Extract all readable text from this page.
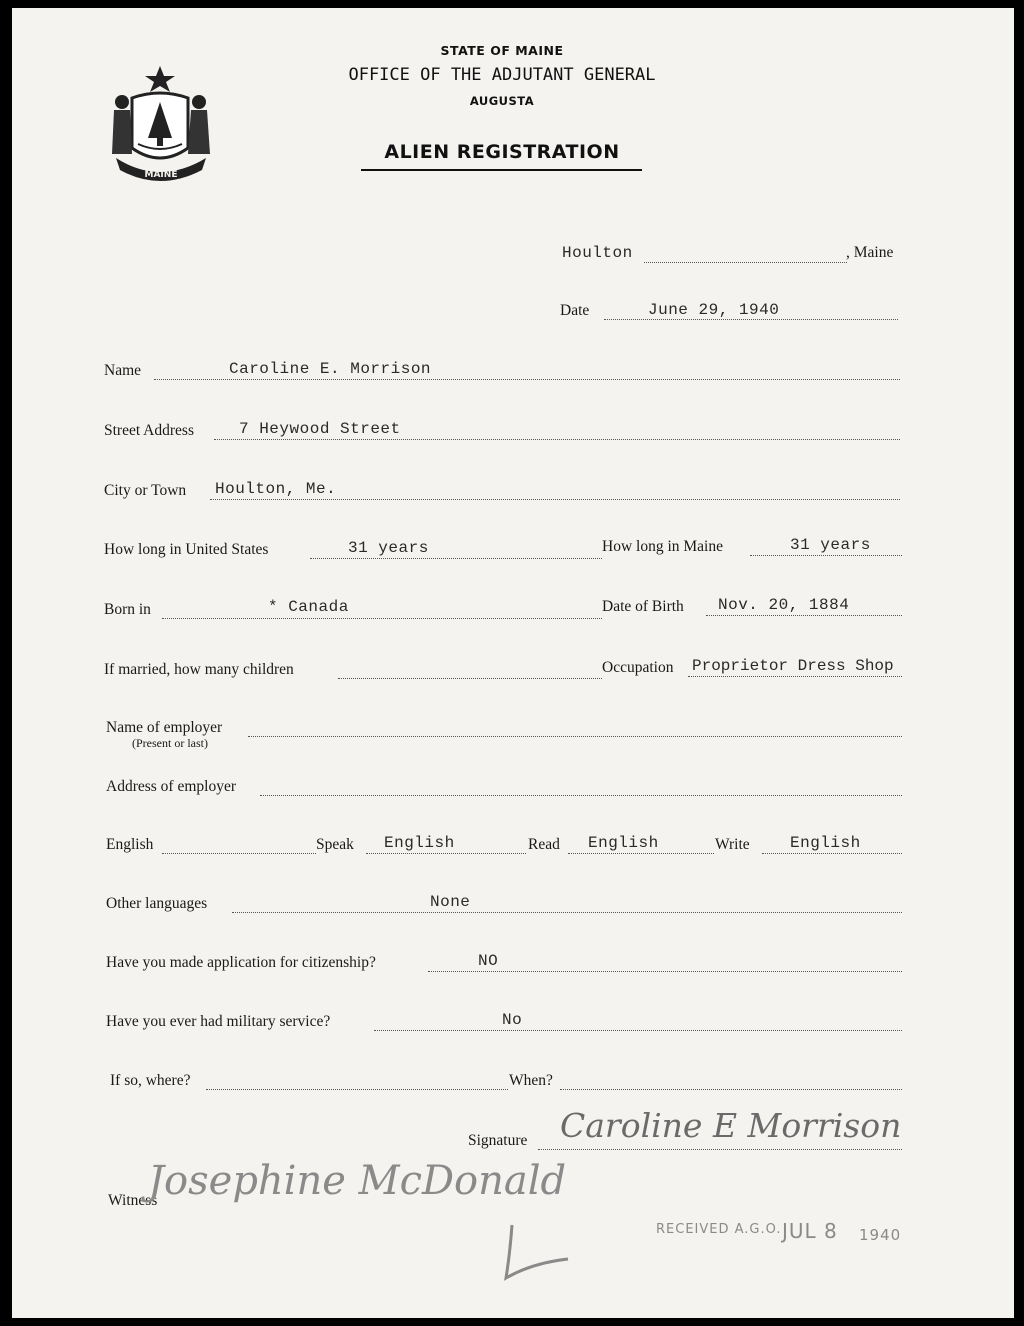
MAINE
STATE OF MAINE
OFFICE OF THE ADJUTANT GENERAL
AUGUSTA
ALIEN REGISTRATION
Houlton	, Maine
Date	June 29, 1940
Name	Caroline E. Morrison
Street Address	7 Heywood Street
City or Town Houlton, Me.
How long in United States	31 years	How long in Maine	31 years
Born in	* Canada	Date of Birth Nov. 20, 1884
If married, how many children	Occupation Proprietor Dress Shop
Name of employer
(Present or last)
Address of employer
English	Speak English	Read English	Write	English
Other languages	None
Have you made application for citizenship?	NO
Have you ever had military service?	No
If so, where?	When?
Signature Caroline E Morrison
Witness
Josephine McDonald
RECEIVED A.G.O. JUL 8 1940
